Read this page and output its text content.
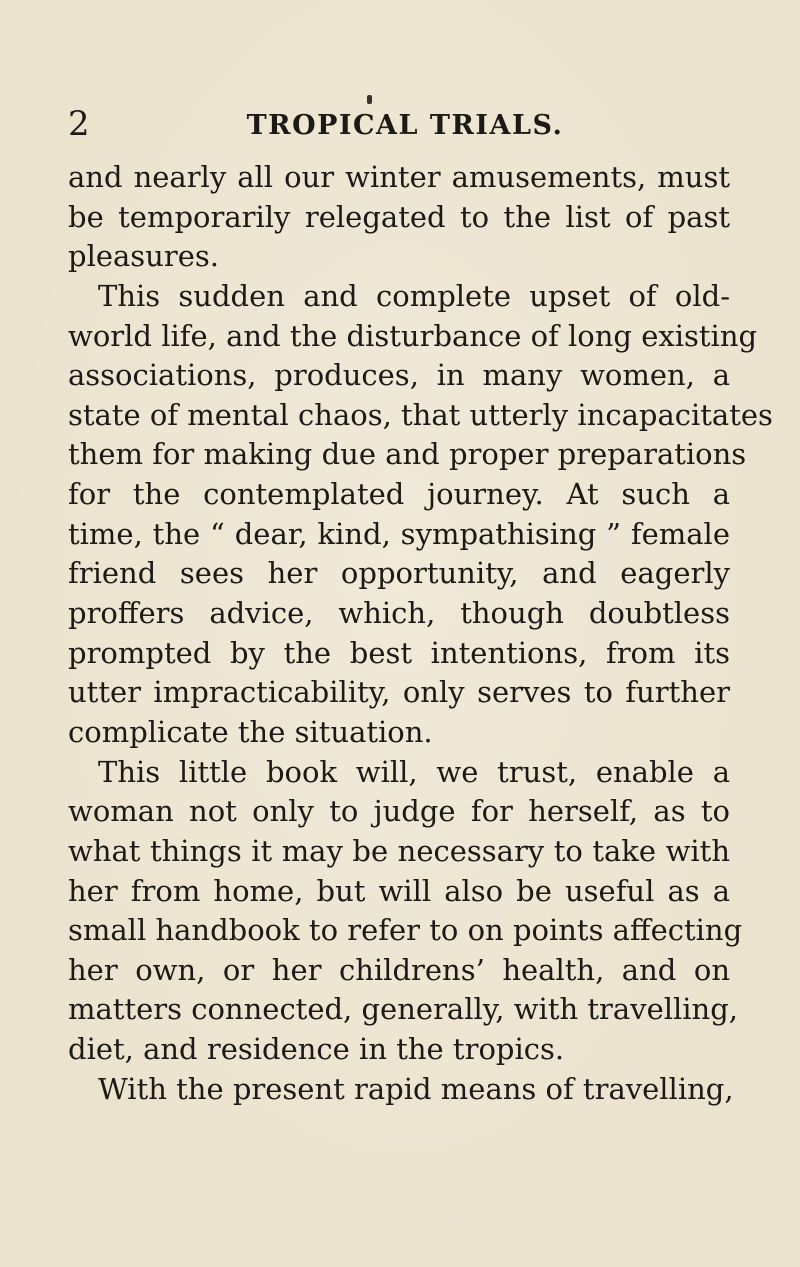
2	TROPICAL TRIALS.
and nearly all our winter amusements, must
be temporarily relegated to the list of past
pleasures.
This sudden and complete upset of old-
world life, and the disturbance of long existing
associations, produces, in many women, a
state of mental chaos, that utterly incapacitates
them for making due and proper preparations
for the contemplated journey. At such a
time, the “ dear, kind, sympathising ” female
friend sees her opportunity, and eagerly
proffers advice, which, though doubtless
prompted by the best intentions, from its
utter impracticability, only serves to further
complicate the situation.
This little book will, we trust, enable a
woman not only to judge for herself, as to
what things it may be necessary to take with
her from home, but will also be useful as a
small handbook to refer to on points affecting
her own, or her childrens’ health, and on
matters connected, generally, with travelling,
diet, and residence in the tropics.
With the present rapid means of travelling,
